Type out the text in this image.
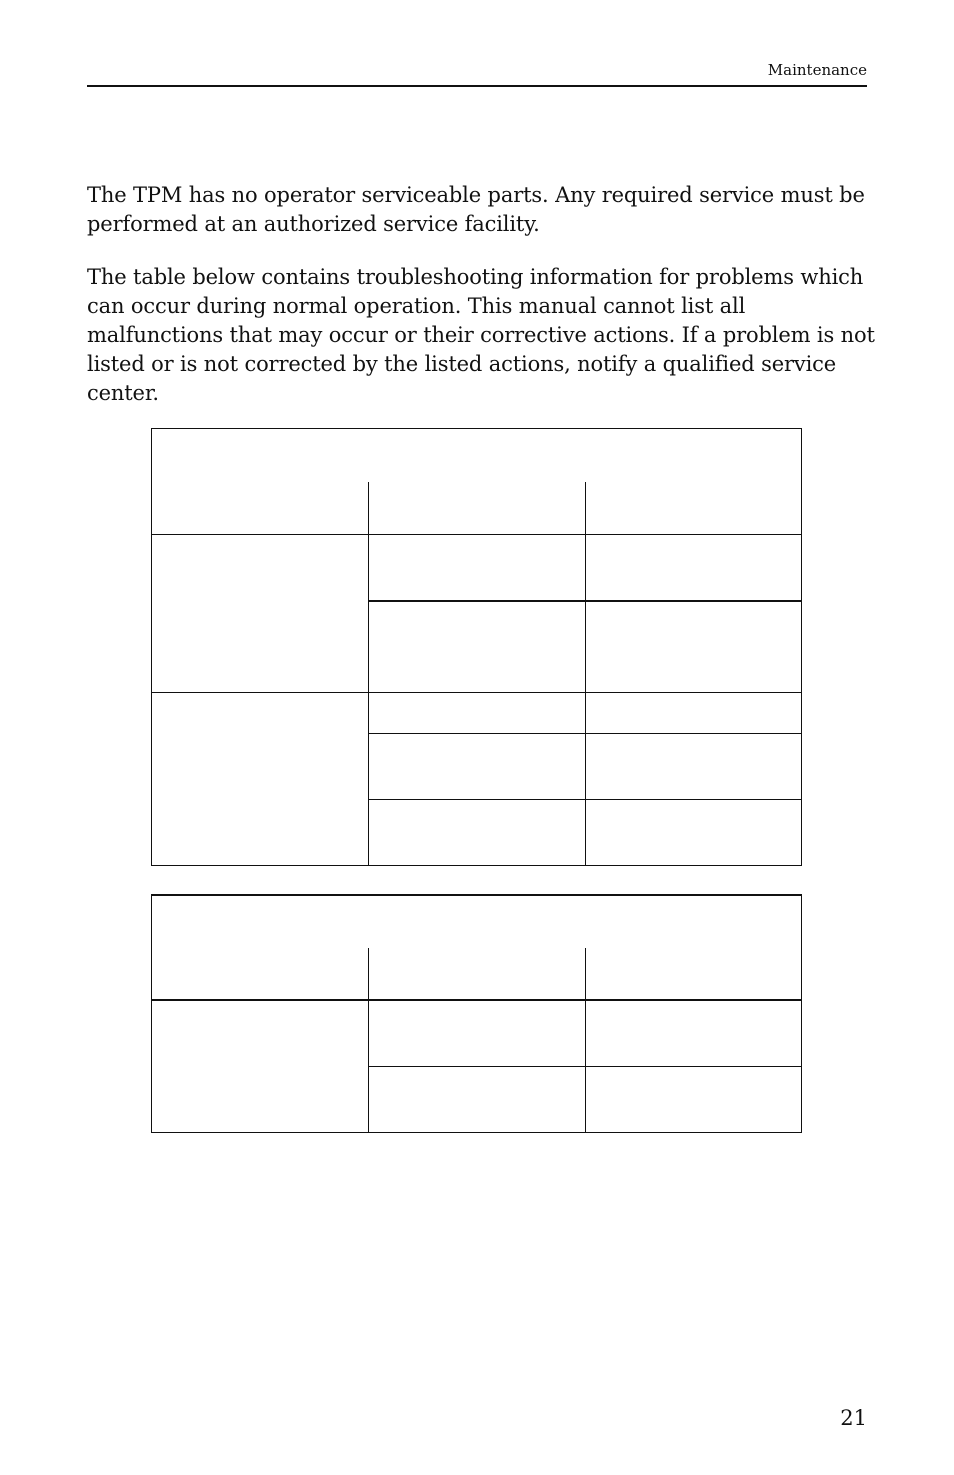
Maintenance

The TPM has no operator serviceable parts. Any required service must be performed at an authorized service facility.

The table below contains troubleshooting information for problems which can occur during normal operation. This manual cannot list all malfunctions that may occur or their corrective actions. If a problem is not listed or is not corrected by the listed actions, notify a qualified service center.

21
